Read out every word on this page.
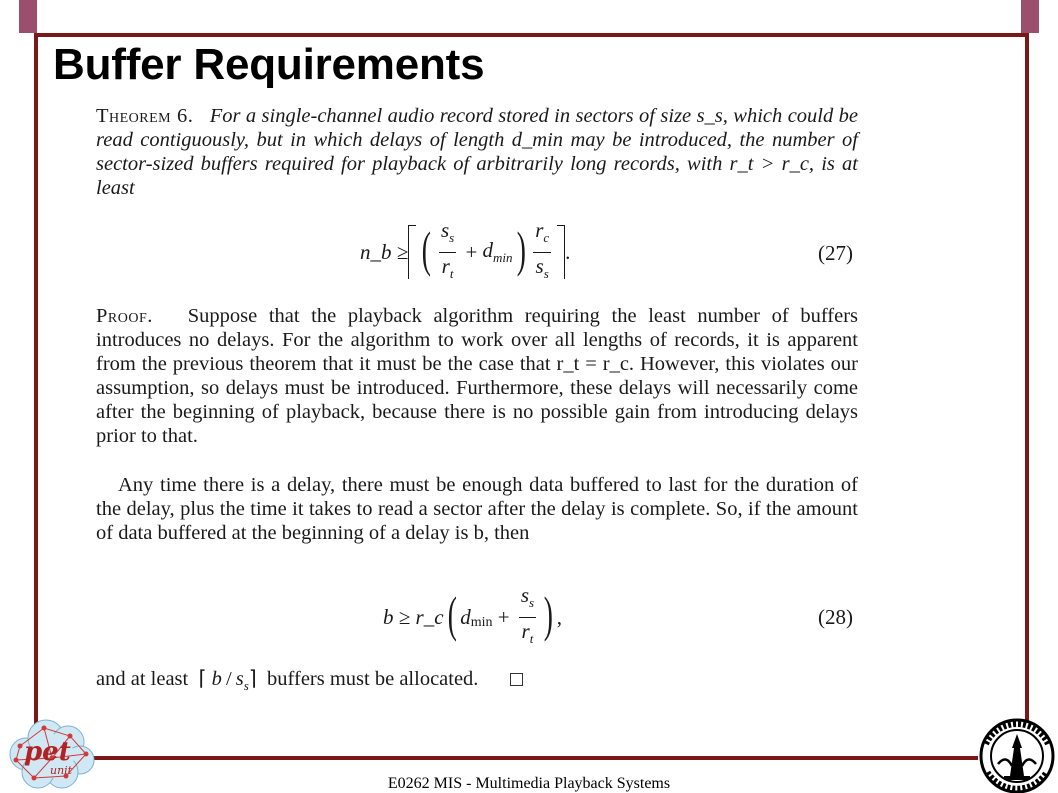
Buffer Requirements

Theorem 6. For a single-channel audio record stored in sectors of size s_s, which could be read contiguously, but in which delays of length d_min may be introduced, the number of sector-sized buffers required for playback of arbitrarily long records, with r_t > r_c, is at least

n_b ≥ ( $\frac{s_s}{r_t} + d_{min}$ ) $\frac{r_c}{s_s}$ .	(27)

Proof. Suppose that the playback algorithm requiring the least number of buffers introduces no delays. For the algorithm to work over all lengths of records, it is apparent from the previous theorem that it must be the case that r_t = r_c. However, this violates our assumption, so delays must be introduced. Furthermore, these delays will necessarily come after the beginning of playback, because there is no possible gain from introducing delays prior to that.

Any time there is a delay, there must be enough data buffered to last for the duration of the delay, plus the time it takes to read a sector after the delay is complete. So, if the amount of data buffered at the beginning of a delay is b, then

b ≥ r_c ( d $\min + \frac{s_s}{r_t}$ ) ,	(28)

and at least  ⌈ b / $s_s⌉$  buffers must be allocated.

pet
unit
E0262 MIS - Multimedia Playback Systems
